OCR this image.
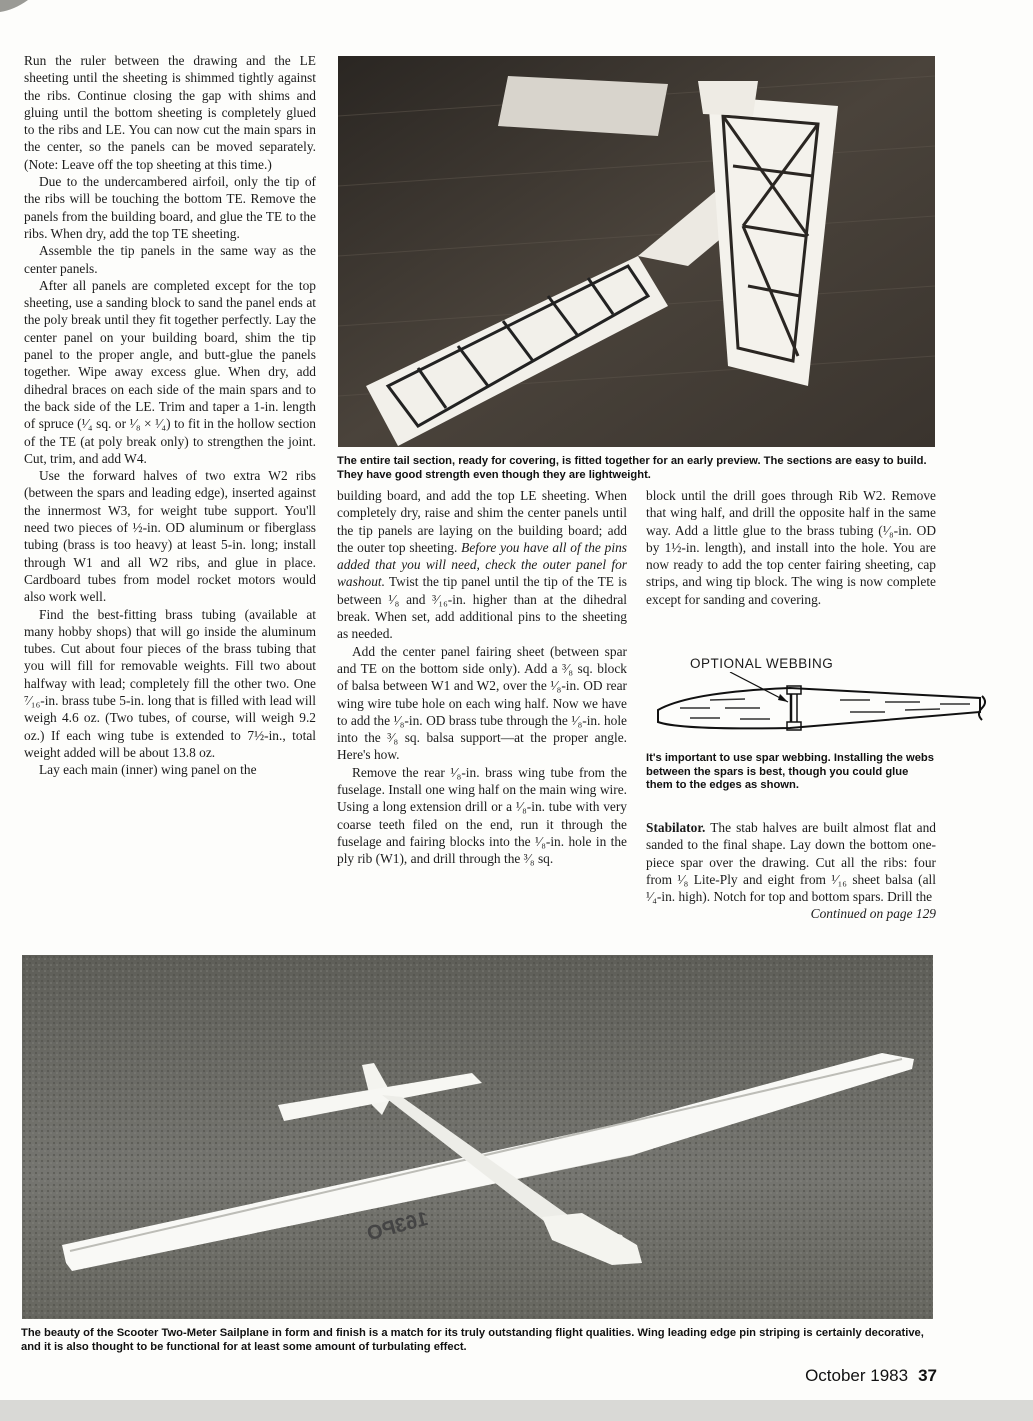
Run the ruler between the drawing and the LE sheeting until the sheeting is shimmed tightly against the ribs. Continue closing the gap with shims and gluing until the bottom sheeting is completely glued to the ribs and LE. You can now cut the main spars in the center, so the panels can be moved separately. (Note: Leave off the top sheeting at this time.)

Due to the undercambered airfoil, only the tip of the ribs will be touching the bottom TE. Remove the panels from the building board, and glue the TE to the ribs. When dry, add the top TE sheeting.

Assemble the tip panels in the same way as the center panels.

After all panels are completed except for the top sheeting, use a sanding block to sand the panel ends at the poly break until they fit together perfectly. Lay the center panel on your building board, shim the tip panel to the proper angle, and butt-glue the panels together. Wipe away excess glue. When dry, add dihedral braces on each side of the main spars and to the back side of the LE. Trim and taper a 1-in. length of spruce (¹⁄₄ sq. or ¹⁄₈ × ¹⁄₄) to fit in the hollow section of the TE (at poly break only) to strengthen the joint. Cut, trim, and add W4.

Use the forward halves of two extra W2 ribs (between the spars and leading edge), inserted against the innermost W3, for weight tube support. You'll need two pieces of ½-in. OD aluminum or fiberglass tubing (brass is too heavy) at least 5-in. long; install through W1 and all W2 ribs, and glue in place. Cardboard tubes from model rocket motors would also work well.

Find the best-fitting brass tubing (available at many hobby shops) that will go inside the aluminum tubes. Cut about four pieces of the brass tubing that you will fill for removable weights. Fill two about halfway with lead; completely fill the other two. One ⁷⁄₁₆-in. brass tube 5-in. long that is filled with lead will weigh 4.6 oz. (Two tubes, of course, will weigh 9.2 oz.) If each wing tube is extended to 7½-in., total weight added will be about 13.8 oz.

Lay each main (inner) wing panel on the

The entire tail section, ready for covering, is fitted together for an early preview. The sections are easy to build. They have good strength even though they are lightweight.

building board, and add the top LE sheeting. When completely dry, raise and shim the center panels until the tip panels are laying on the building board; add the outer top sheeting. Before you have all of the pins added that you will need, check the outer panel for washout. Twist the tip panel until the tip of the TE is between ¹⁄₈ and ³⁄₁₆-in. higher than at the dihedral break. When set, add additional pins to the sheeting as needed.

Add the center panel fairing sheet (between spar and TE on the bottom side only). Add a ³⁄₈ sq. block of balsa between W1 and W2, over the ¹⁄₈-in. OD rear wing wire tube hole on each wing half. Now we have to add the ¹⁄₈-in. OD brass tube through the ¹⁄₈-in. hole into the ³⁄₈ sq. balsa support—at the proper angle. Here's how.

Remove the rear ¹⁄₈-in. brass wing tube from the fuselage. Install one wing half on the main wing wire. Using a long extension drill or a ¹⁄₈-in. tube with very coarse teeth filed on the end, run it through the fuselage and fairing blocks into the ¹⁄₈-in. hole in the ply rib (W1), and drill through the ³⁄₈ sq.

block until the drill goes through Rib W2. Remove that wing half, and drill the opposite half in the same way. Add a little glue to the brass tubing (¹⁄₈-in. OD by 1½-in. length), and install into the hole. You are now ready to add the top center fairing sheeting, cap strips, and wing tip block. The wing is now complete except for sanding and covering.

OPTIONAL WEBBING
It's important to use spar webbing. Installing the webs between the spars is best, though you could glue them to the edges as shown.

Stabilator. The stab halves are built almost flat and sanded to the final shape. Lay down the bottom one-piece spar over the drawing. Cut all the ribs: four from ¹⁄₈ Lite-Ply and eight from ¹⁄₁₆ sheet balsa (all ¹⁄₄-in. high). Notch for top and bottom spars. Drill the

Continued on page 129
163PO
The beauty of the Scooter Two-Meter Sailplane in form and finish is a match for its truly outstanding flight qualities. Wing leading edge pin striping is certainly decorative, and it is also thought to be functional for at least some amount of turbulating effect.
October 1983 37
